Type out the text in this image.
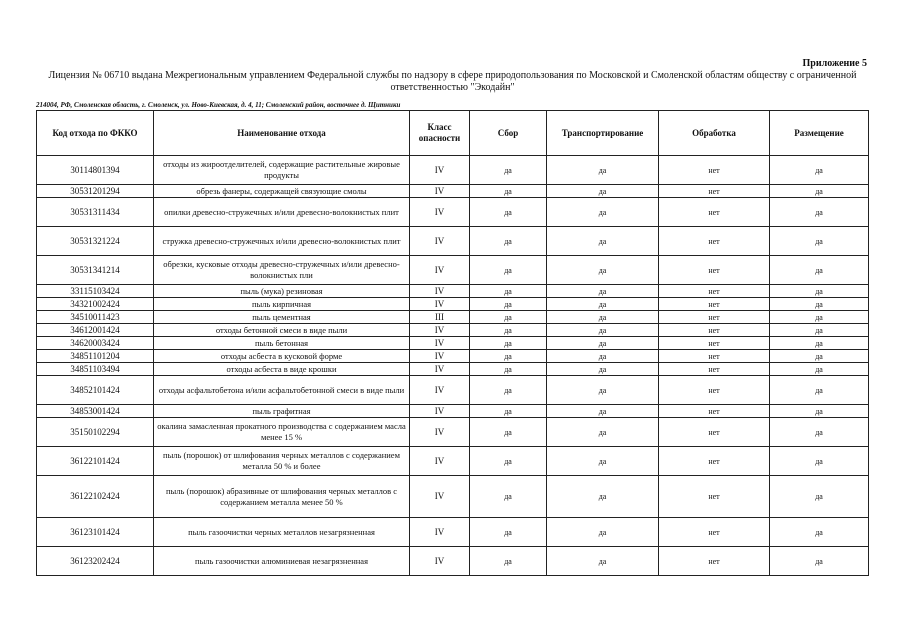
Приложение 5
Лицензия № 06710 выдана Межрегиональным управлением Федеральной службы по надзору в сфере природопользования по Московской и Смоленской областям обществу с ограниченной ответственностью "Экодайн"
214004, РФ, Смоленская область, г. Смоленск, ул. Ново-Киевская, д. 4, 11; Смоленский район, восточнее д. Щитники
Код отхода по ФККО	Наименование отхода	Класс опасности	Сбор	Транспортирование	Обработка	Размещение
30114801394	отходы из жироотделителей, содержащие растительные жировые продукты	IV	да	да	нет	да
30531201294	обрезь фанеры, содержащей связующие смолы	IV	да	да	нет	да
30531311434	опилки древесно-стружечных и/или древесно-волокнистых плит	IV	да	да	нет	да
30531321224	стружка древесно-стружечных и/или древесно-волокнистых плит	IV	да	да	нет	да
30531341214	обрезки, кусковые отходы древесно-стружечных и/или древесно-волокнистых пли	IV	да	да	нет	да
33115103424	пыль (мука) резиновая	IV	да	да	нет	да
34321002424	пыль кирпичная	IV	да	да	нет	да
34510011423	пыль цементная	III	да	да	нет	да
34612001424	отходы бетонной смеси в виде пыли	IV	да	да	нет	да
34620003424	пыль бетонная	IV	да	да	нет	да
34851101204	отходы асбеста в кусковой форме	IV	да	да	нет	да
34851103494	отходы асбеста в виде крошки	IV	да	да	нет	да
34852101424	отходы асфальтобетона и/или асфальтобетонной смеси в виде пыли	IV	да	да	нет	да
34853001424	пыль графитная	IV	да	да	нет	да
35150102294	окалина замасленная прокатного производства с содержанием масла менее 15 %	IV	да	да	нет	да
36122101424	пыль (порошок) от шлифования черных металлов с содержанием металла 50 % и более	IV	да	да	нет	да
36122102424	пыль (порошок) абразивные от шлифования черных металлов с содержанием металла менее 50 %	IV	да	да	нет	да
36123101424	пыль газоочистки черных металлов незагрязненная	IV	да	да	нет	да
36123202424	пыль газоочистки алюминиевая незагрязненная	IV	да	да	нет	да
